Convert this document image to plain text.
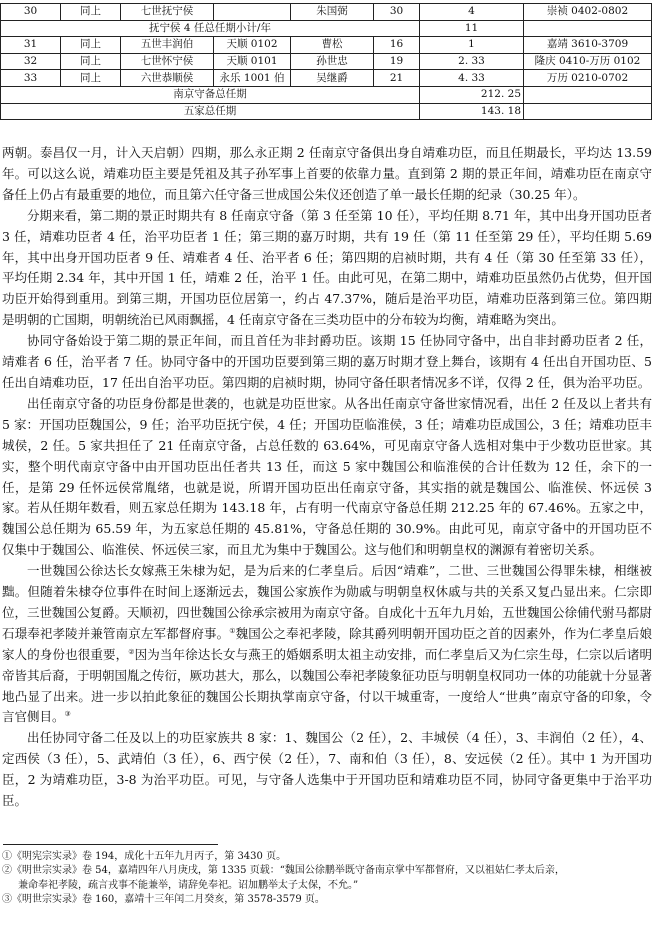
30	同上	七世抚宁侯		朱国弼	30	4	崇祯 0402-0802
抚宁侯 4 任总任期小计/年						11	
31	同上	五世丰润伯	天顺 0102	曹松	16	1	嘉靖 3610-3709
32	同上	七世怀宁侯	天顺 0101	孙世忠	19	2. 33	隆庆 0410-万历 0102
33	同上	六世恭顺侯	永乐 1001 伯	吴继爵	21	4. 33	万历 0210-0702
南京守备总任期						212. 25	
五家总任期						143. 18	

两朝。泰昌仅一月，计入天启朝）四期，那么永正期 2 任南京守备俱出身自靖难功臣，而且任期最长，平均达 13.59 年。可以这么说，靖难功臣主要是凭祖及其子孙军事上首要的依靠力量。直到第 2 期的景正年间，靖难功臣在南京守备任上仍占有最重要的地位，而且第六任守备三世成国公朱仪还创造了单一最长任期的纪录（30.25 年）。

分期来看，第二期的景正时期共有 8 任南京守备（第 3 任至第 10 任），平均任期 8.71 年，其中出身开国功臣者 3 任，靖难功臣者 4 任，治平功臣者 1 任；第三期的嘉万时期，共有 19 任（第 11 任至第 29 任），平均任期 5.69 年，其中出身开国功臣者 9 任、靖难者 4 任、治平者 6 任；第四期的启祯时期，共有 4 任（第 30 任至第 33 任），平均任期 2.34 年，其中开国 1 任，靖难 2 任，治平 1 任。由此可见，在第二期中，靖难功臣虽然仍占优势，但开国功臣开始得到重用。到第三期，开国功臣位居第一，约占 47.37%，随后是治平功臣，靖难功臣落到第三位。第四期是明朝的亡国期，明朝统治已风雨飘摇，4 任南京守备在三类功臣中的分布较为均衡，靖难略为突出。

协同守备始设于第二期的景正年间，而且首任为非封爵功臣。该期 15 任协同守备中，出自非封爵功臣者 2 任，靖难者 6 任，治平者 7 任。协同守备中的开国功臣要到第三期的嘉万时期才登上舞台，该期有 4 任出自开国功臣、5 任出自靖难功臣，17 任出自治平功臣。第四期的启祯时期，协同守备任职者情况多不详，仅得 2 任，俱为治平功臣。

出任南京守备的功臣身份都是世袭的，也就是功臣世家。从各出任南京守备世家情况看，出任 2 任及以上者共有 5 家：开国功臣魏国公，9 任；治平功臣抚宁侯，4 任；开国功臣临淮侯，3 任；靖难功臣成国公，3 任；靖难功臣丰城侯，2 任。5 家共担任了 21 任南京守备，占总任数的 63.64%，可见南京守备人选相对集中于少数功臣世家。其实，整个明代南京守备中由开国功臣出任者共 13 任，而这 5 家中魏国公和临淮侯的合计任数为 12 任，余下的一任，是第 29 任怀远侯常胤绪，也就是说，所谓开国功臣出任南京守备，其实指的就是魏国公、临淮侯、怀远侯 3 家。若从任期年数看，则五家总任期为 143.18 年，占有明一代南京守备总任期 212.25 年的 67.46%。五家之中，魏国公总任期为 65.59 年，为五家总任期的 45.81%，守备总任期的 30.9%。由此可见，南京守备中的开国功臣不仅集中于魏国公、临淮侯、怀远侯三家，而且尤为集中于魏国公。这与他们和明朝皇权的渊源有着密切关系。

一世魏国公徐达长女嫁燕王朱棣为妃，是为后来的仁孝皇后。后因“靖难”，二世、三世魏国公得罪朱棣，相继被黜。但随着朱棣夺位事件在时间上逐渐远去，魏国公家族作为勋戚与明朝皇权休戚与共的关系又复凸显出来。仁宗即位，三世魏国公复爵。天顺初，四世魏国公徐承宗被用为南京守备。自成化十五年九月始，五世魏国公徐俌代驸马都尉石璟奉祀孝陵并兼管南京左军都督府事。①魏国公之奉祀孝陵，除其爵列明朝开国功臣之首的因素外，作为仁孝皇后娘家人的身份也很重要，②因为当年徐达长女与燕王的婚姻系明太祖主动安排，而仁孝皇后又为仁宗生母，仁宗以后诸明帝皆其后裔，于明朝国胤之传衍，厥功甚大，那么，以魏国公奉祀孝陵象征功臣与明朝皇权同功一体的功能就十分显著地凸显了出来。进一步以拍此象征的魏国公长期执掌南京守备，付以干城重寄，一度给人“世典”南京守备的印象，令言官侧目。③

出任协同守备二任及以上的功臣家族共 8 家：1、魏国公（2 任），2、丰城侯（4 任），3、丰润伯（2 任），4、定西侯（3 任），5、武靖伯（3 任），6、西宁侯（2 任），7、南和伯（3 任），8、安远侯（2 任）。其中 1 为开国功臣，2 为靖难功臣，3-8 为治平功臣。可见，与守备人选集中于开国功臣和靖难功臣不同，协同守备更集中于治平功臣。

①《明宪宗实录》卷 194，成化十五年九月丙子，第 3430 页。
②《明世宗实录》卷 54，嘉靖四年八月庚戌，第 1335 页载：“魏国公徐鹏举既守备南京掌中军都督府，又以祖姑仁孝太后亲，
兼命奉祀孝陵，疏言戎事不能兼举，请辞免奉祀。诏加鹏举太子太保，不允。”
③《明世宗实录》卷 160，嘉靖十三年闰二月癸亥，第 3578-3579 页。
